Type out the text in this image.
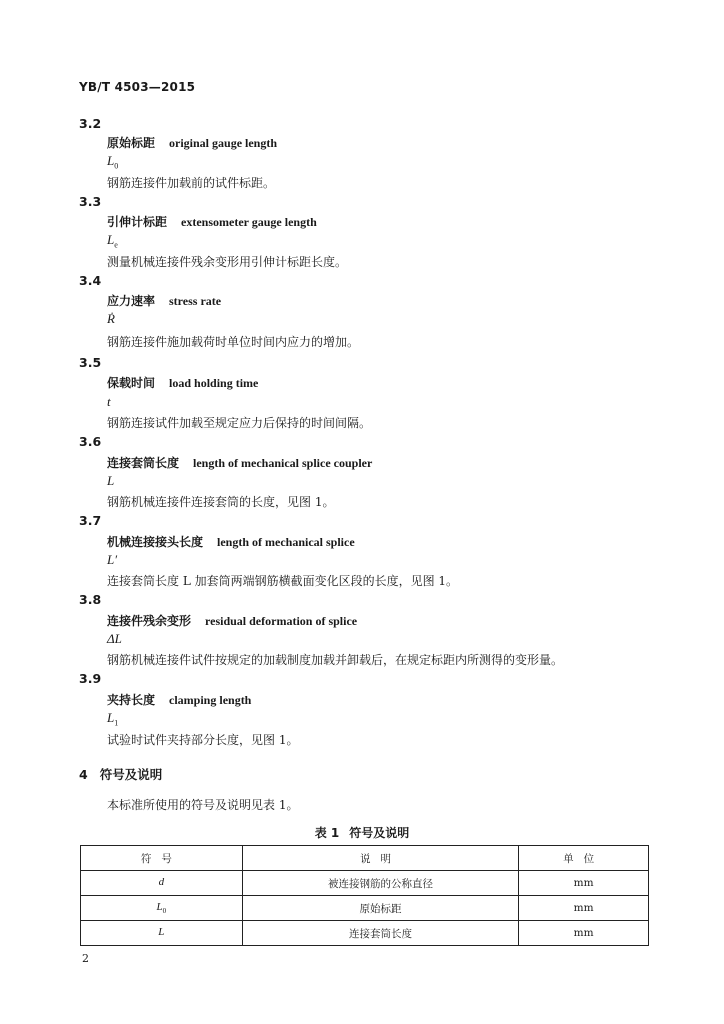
YB/T 4503—2015
3.2
原始标距 original gauge length
$L_0$
钢筋连接件加载前的试件标距。
3.3
引伸计标距 extensometer gauge length
$L_e$
测量机械连接件残余变形用引伸计标距长度。
3.4
应力速率 stress rate
Ṙ
钢筋连接件施加载荷时单位时间内应力的增加。
3.5
保载时间 load holding time
t
钢筋连接试件加载至规定应力后保持的时间间隔。
3.6
连接套筒长度 length of mechanical splice coupler
L
钢筋机械连接件连接套筒的长度，见图 1。
3.7
机械连接接头长度 length of mechanical splice
L′
连接套筒长度 L 加套筒两端钢筋横截面变化区段的长度，见图 1。
3.8
连接件残余变形 residual deformation of splice
ΔL
钢筋机械连接件试件按规定的加载制度加载并卸载后，在规定标距内所测得的变形量。
3.9
夹持长度 clamping length
$L_1$
试验时试件夹持部分长度，见图 1。
4 符号及说明
本标准所使用的符号及说明见表 1。
表 1 符号及说明
符号	说明	单位
d	被连接钢筋的公称直径	mm
$L_0$	原始标距	mm
L	连接套筒长度	mm
2
